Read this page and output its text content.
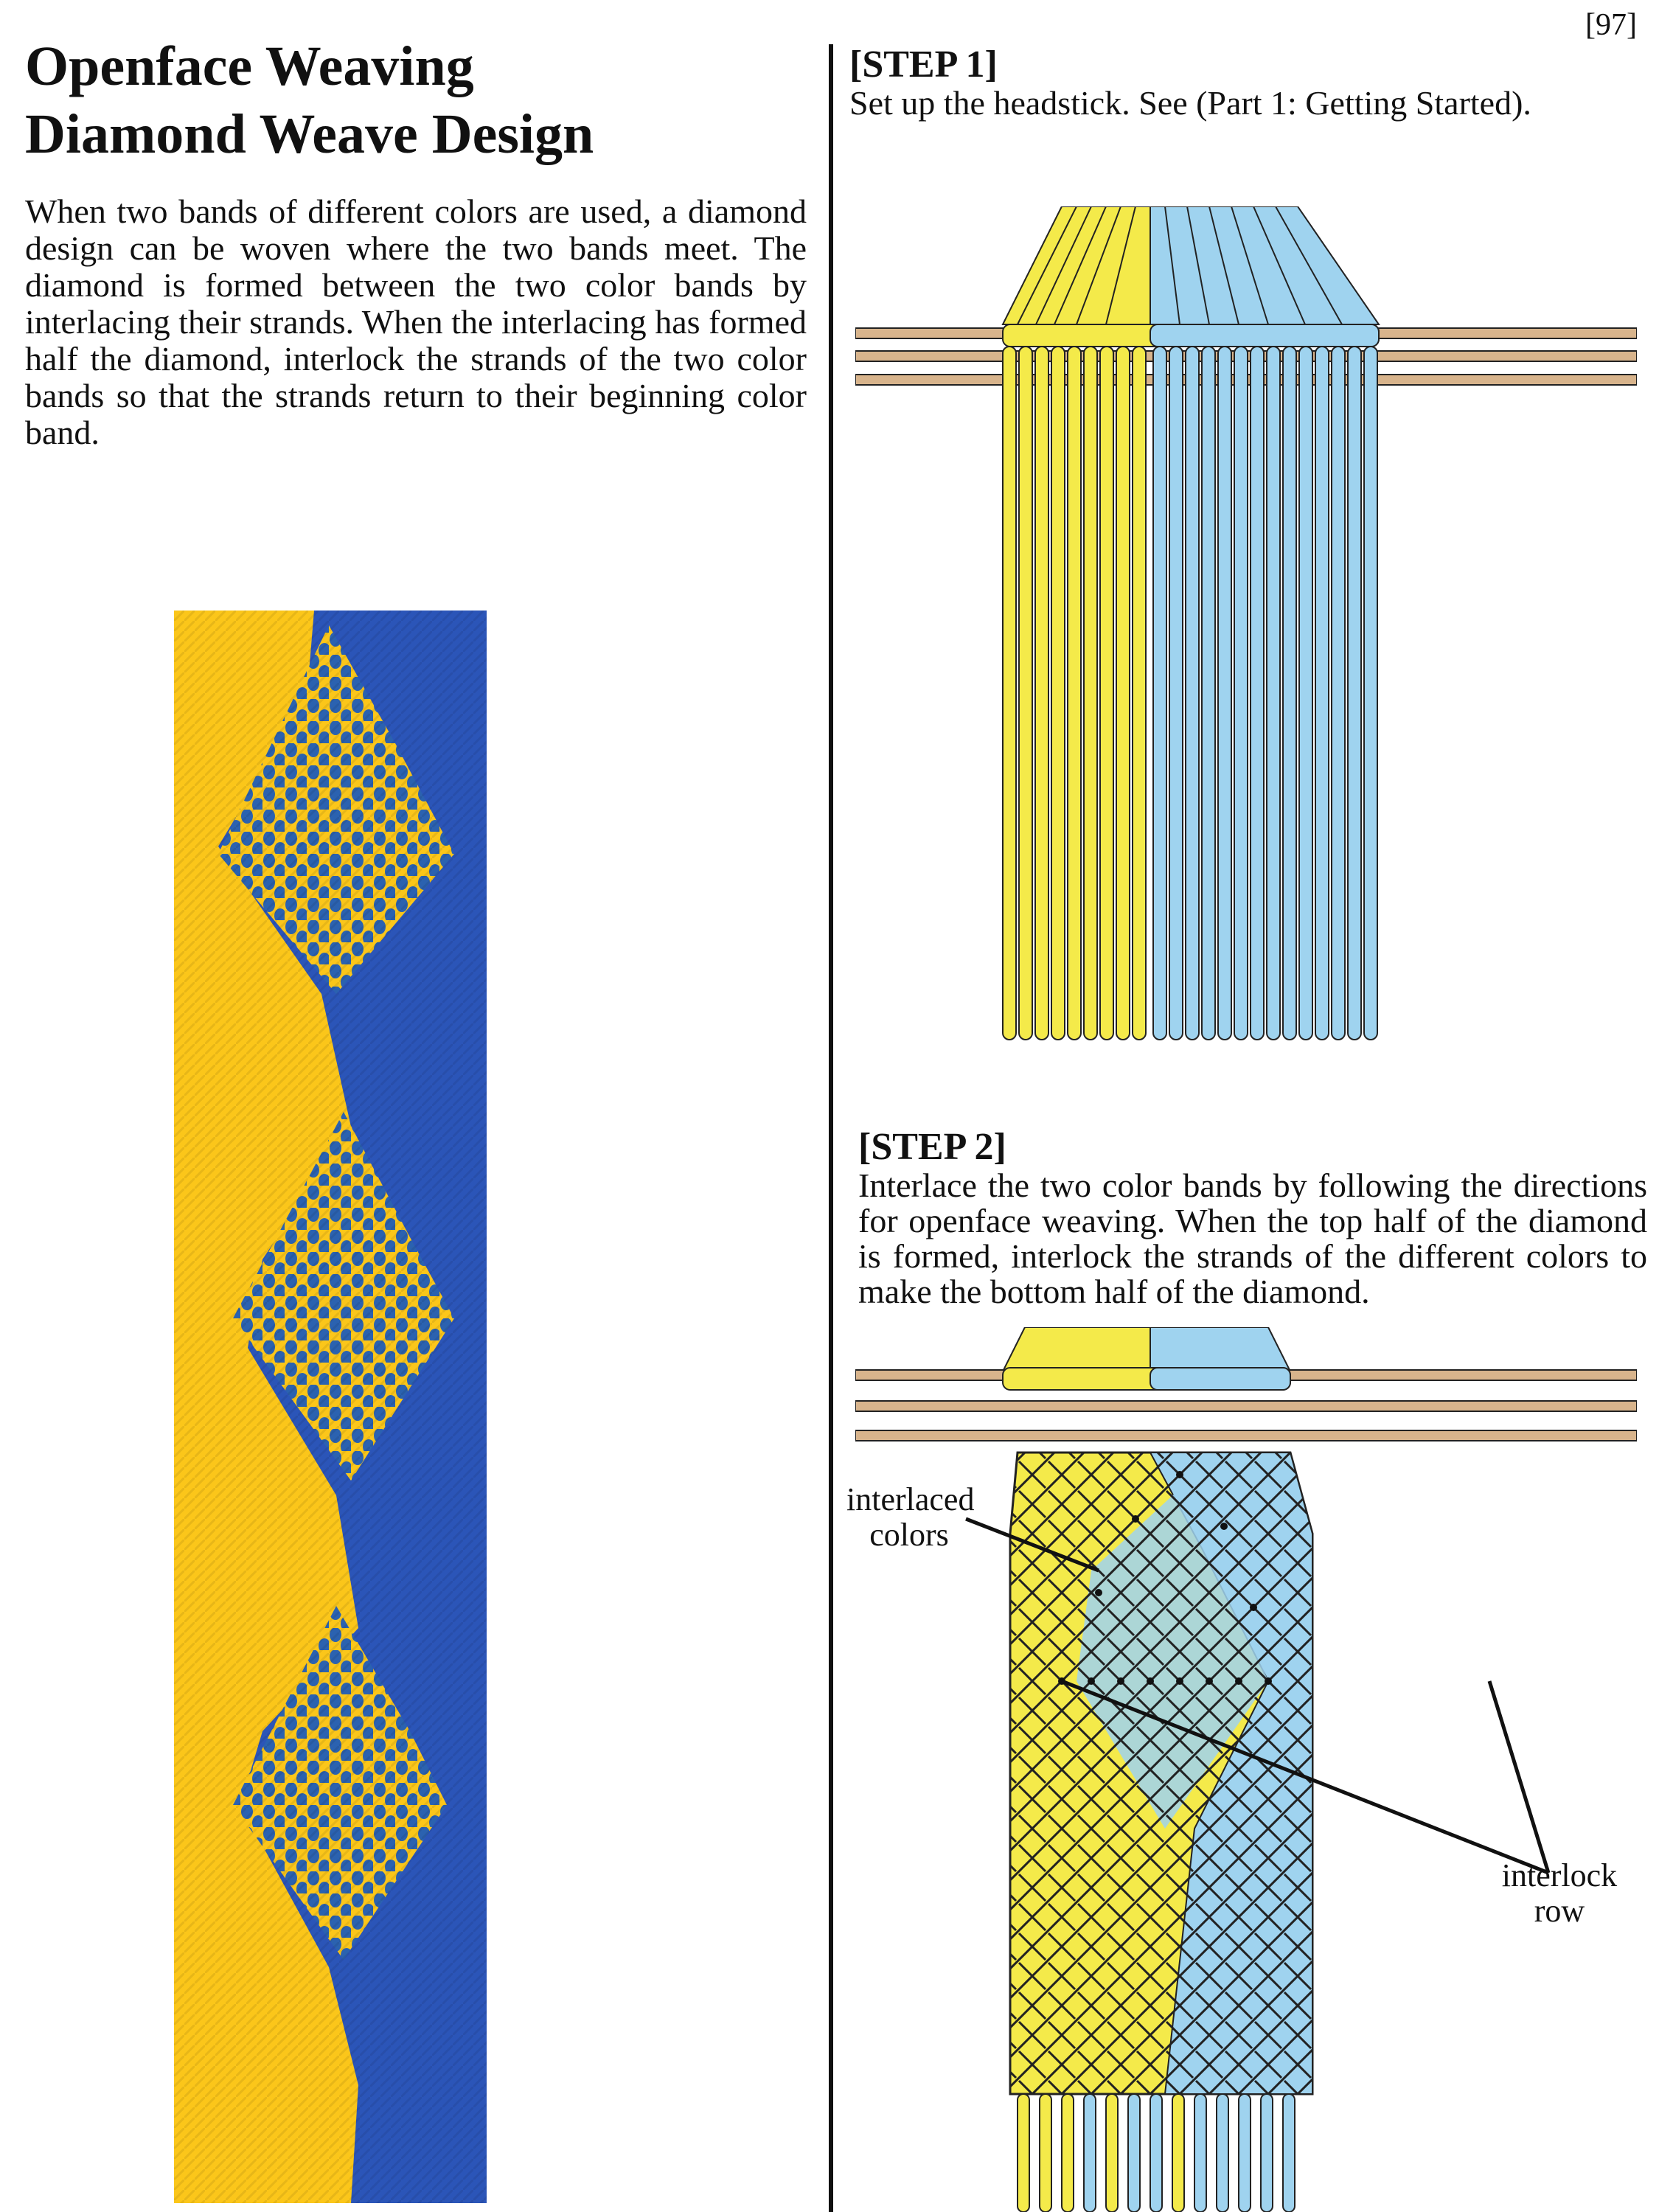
[97]
Openface Weaving
Diamond Weave Design

When two bands of different colors are used, a diamond design can be woven where the two bands meet. The diamond is formed between the two color bands by interlacing their strands. When the interlacing has formed half the diamond, interlock the strands of the two color bands so that the strands return to their beginning color band.

[STEP 1]

Set up the headstick. See (Part 1: Getting Started).

[STEP 2]

Interlace the two color bands by following the directions for openface weaving. When the top half of the diamond is formed, interlock the strands of the different colors to make the bottom half of the diamond.

interlaced
colors
interlock
row
